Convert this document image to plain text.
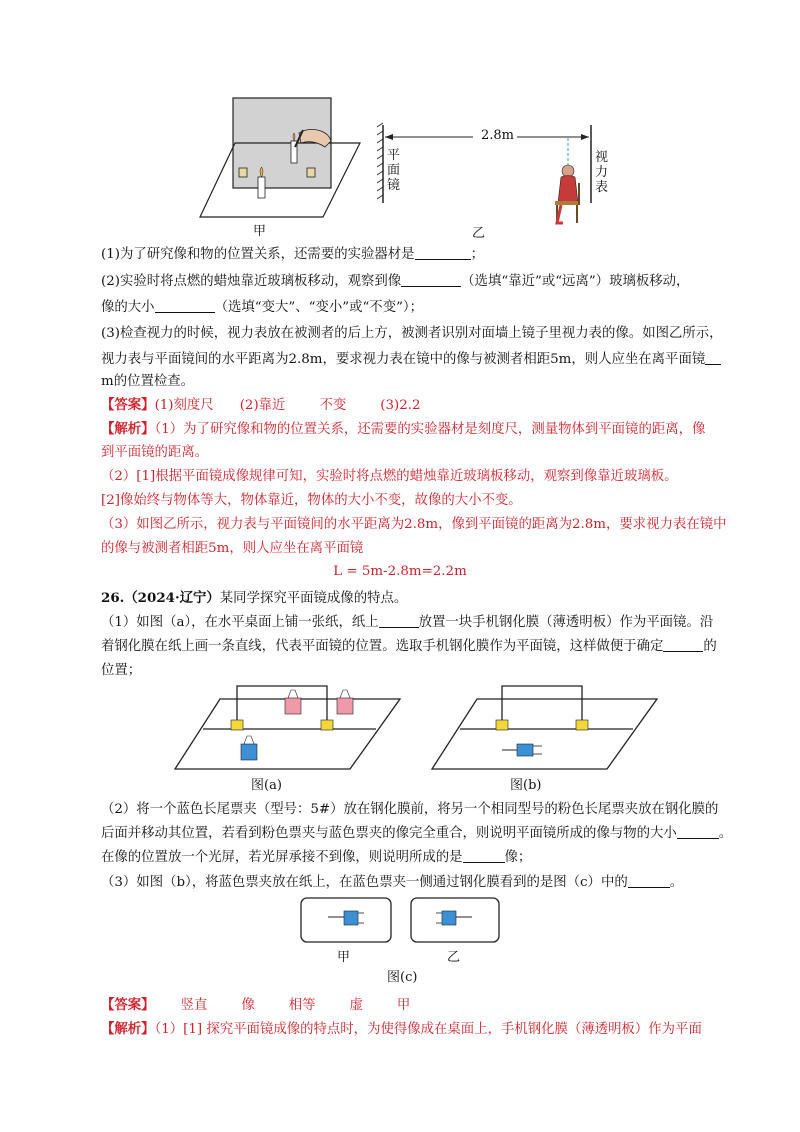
甲
2.8m
平面镜
视力表
乙
(1)为了研究像和物的位置关系，还需要的实验器材是	；
(2)实验时将点燃的蜡烛靠近玻璃板移动，观察到像	（选填“靠近”或“远离”）玻璃板移动，
像的大小	（选填“变大”、“变小”或“不变”）；
(3)检查视力的时候，视力表放在被测者的后上方，被测者识别对面墙上镜子里视力表的像。如图乙所示，
视力表与平面镜间的水平距离为2.8m，要求视力表在镜中的像与被测者相距5m，则人应坐在离平面镜
m的位置检查。
【答案】(1)刻度尺 (2)靠近	不变	(3)2.2
【解析】（1）为了研究像和物的位置关系，还需要的实验器材是刻度尺，测量物体到平面镜的距离，像
到平面镜的距离。
（2）[1]根据平面镜成像规律可知，实验时将点燃的蜡烛靠近玻璃板移动，观察到像靠近玻璃板。
[2]像始终与物体等大，物体靠近，物体的大小不变，故像的大小不变。
（3）如图乙所示，视力表与平面镜间的水平距离为2.8m，像到平面镜的距离为2.8m，要求视力表在镜中
的像与被测者相距5m，则人应坐在离平面镜
L = 5m-2.8m=2.2m
26.（2024·辽宁）某同学探究平面镜成像的特点。
（1）如图（a），在水平桌面上铺一张纸，纸上	放置一块手机钢化膜（薄透明板）作为平面镜。沿
着钢化膜在纸上画一条直线，代表平面镜的位置。选取手机钢化膜作为平面镜，这样做便于确定	的
位置；
图(a)	图(b)
（2）将一个蓝色长尾票夹（型号：5#）放在钢化膜前，将另一个相同型号的粉色长尾票夹放在钢化膜的
后面并移动其位置，若看到粉色票夹与蓝色票夹的像完全重合，则说明平面镜所成的像与物的大小	。
在像的位置放一个光屏，若光屏承接不到像，则说明所成的是	像；
（3）如图（b），将蓝色票夹放在纸上，在蓝色票夹一侧通过钢化膜看到的是图（c）中的	。
甲	乙
图(c)
【答案】 竖直	像	相等	虚	甲
【解析】（1）[1] 探究平面镜成像的特点时，为使得像成在桌面上，手机钢化膜（薄透明板）作为平面
